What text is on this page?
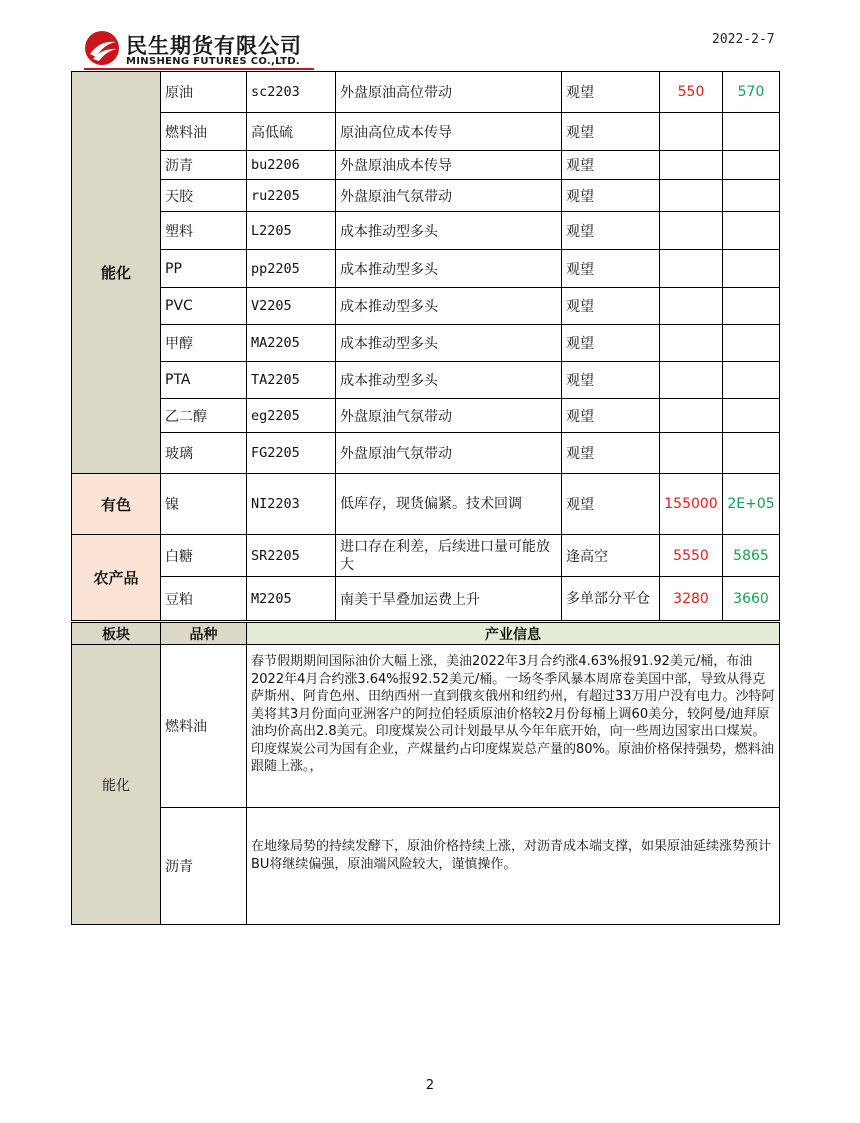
民生期货有限公司
MINSHENG FUTURES CO.,LTD.
2022-2-7
能化	原油	sc2203	外盘原油高位带动	观望	550	570
	燃料油	高低硫	原油高位成本传导	观望		
	沥青	bu2206	外盘原油成本传导	观望		
	天胶	ru2205	外盘原油气氛带动	观望		
	塑料	L2205	成本推动型多头	观望		
	PP	pp2205	成本推动型多头	观望		
	PVC	V2205	成本推动型多头	观望		
	甲醇	MA2205	成本推动型多头	观望		
	PTA	TA2205	成本推动型多头	观望		
	乙二醇	eg2205	外盘原油气氛带动	观望		
	玻璃	FG2205	外盘原油气氛带动	观望		
有色	镍	NI2203	低库存，现货偏紧。技术回调	观望	155000	2E+05
农产品	白糖	SR2205	进口存在利差，后续进口量可能放大	逢高空	5550	5865
	豆粕	M2205	南美干旱叠加运费上升	多单部分平仓	3280	3660
板块	品种	产业信息
能化	燃料油	春节假期期间国际油价大幅上涨，美油2022年3月合约涨4.63%报91.92美元/桶，布油2022年4月合约涨3.64%报92.52美元/桶。一场冬季风暴本周席卷美国中部，导致从得克萨斯州、阿肯色州、田纳西州一直到俄亥俄州和纽约州，有超过33万用户没有电力。沙特阿美将其3月份面向亚洲客户的阿拉伯轻质原油价格较2月份每桶上调60美分，较阿曼/迪拜原油均价高出2.8美元。印度煤炭公司计划最早从今年年底开始，向一些周边国家出口煤炭。印度煤炭公司为国有企业，产煤量约占印度煤炭总产量的80%。原油价格保持强势，燃料油跟随上涨。，
	沥青	在地缘局势的持续发酵下，原油价格持续上涨，对沥青成本端支撑，如果原油延续涨势预计BU将继续偏强，原油端风险较大，谨慎操作。
2
